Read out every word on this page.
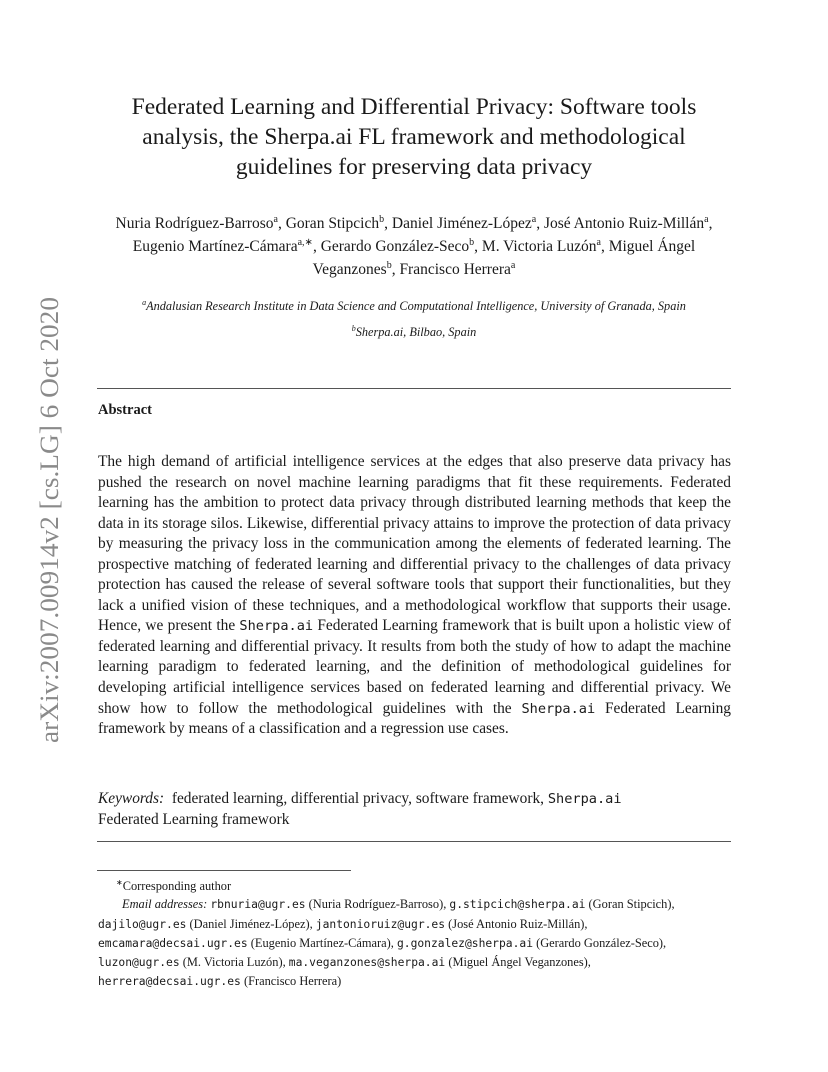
arXiv:2007.00914v2 [cs.LG] 6 Oct 2020
Federated Learning and Differential Privacy: Software tools
analysis, the Sherpa.ai FL framework and methodological
guidelines for preserving data privacy
Nuria Rodríguez-Barroso$^a$, Goran Stipcich$^b$, Daniel Jiménez-López$^a$, José Antonio Ruiz-Millán$^a$, Eugenio Martínez-Cámara$^{a,∗}$, Gerardo González-Seco$^b$, M. Victoria Luzón$^a$, Miguel Ángel Veganzones$^b$, Francisco Herrera$^a$
$^a$Andalusian Research Institute in Data Science and Computational Intelligence, University of Granada, Spain
$^b$Sherpa.ai, Bilbao, Spain
Abstract
The high demand of artificial intelligence services at the edges that also preserve data privacy has pushed the research on novel machine learning paradigms that fit these requirements. Federated learning has the ambition to protect data privacy through distributed learning methods that keep the data in its storage silos. Likewise, differential privacy attains to improve the protection of data privacy by measuring the privacy loss in the communication among the elements of federated learning. The prospective matching of federated learning and differential privacy to the challenges of data privacy protection has caused the release of several software tools that support their functionalities, but they lack a unified vision of these techniques, and a methodological workflow that supports their usage. Hence, we present the Sherpa.ai Federated Learning framework that is built upon a holistic view of federated learning and differential privacy. It results from both the study of how to adapt the machine learning paradigm to federated learning, and the definition of methodological guidelines for developing artificial intelligence services based on federated learning and differential privacy. We show how to follow the methodological guidelines with the Sherpa.ai Federated Learning framework by means of a classification and a regression use cases.
Keywords: federated learning, differential privacy, software framework, Sherpa.ai
Federated Learning framework
∗Corresponding author
Email addresses: rbnuria@ugr.es (Nuria Rodríguez-Barroso), g.stipcich@sherpa.ai (Goran Stipcich), dajilo@ugr.es (Daniel Jiménez-López), jantonioruiz@ugr.es (José Antonio Ruiz-Millán), emcamara@decsai.ugr.es (Eugenio Martínez-Cámara), g.gonzalez@sherpa.ai (Gerardo González-Seco), luzon@ugr.es (M. Victoria Luzón), ma.veganzones@sherpa.ai (Miguel Ángel Veganzones), herrera@decsai.ugr.es (Francisco Herrera)
